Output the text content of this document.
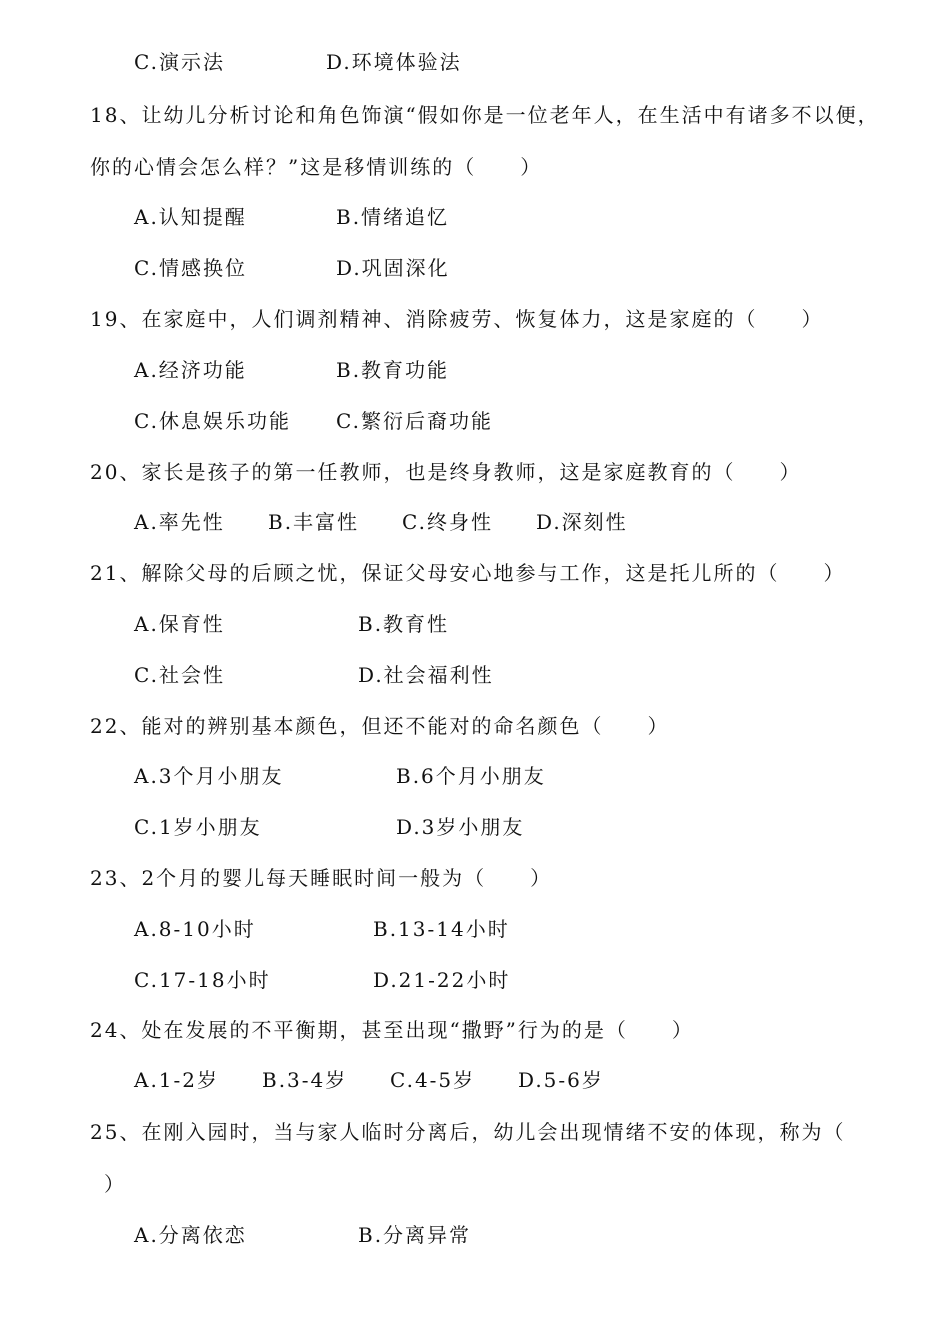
C.演示法	D.环境体验法
18、让幼儿分析讨论和角色饰演“假如你是一位老年人，在生活中有诸多不以便，
你的心情会怎么样？”这是移情训练的（　　）
A.认知提醒	B.情绪追忆
C.情感换位	D.巩固深化
19、在家庭中，人们调剂精神、消除疲劳、恢复体力，这是家庭的（　　）
A.经济功能	B.教育功能
C.休息娱乐功能 C.繁衍后裔功能
20、家长是孩子的第一任教师，也是终身教师，这是家庭教育的（　　）
A.率先性 B.丰富性 C.终身性 D.深刻性
21、解除父母的后顾之忧，保证父母安心地参与工作，这是托儿所的（　　）
A.保育性	B.教育性
C.社会性	D.社会福利性
22、能对的辨别基本颜色，但还不能对的命名颜色（　　）
A.3个月小朋友	B.6个月小朋友
C.1岁小朋友	D.3岁小朋友
23、2个月的婴儿每天睡眠时间一般为（　　）
A.8-10小时	B.13-14小时
C.17-18小时	D.21-22小时
24、处在发展的不平衡期，甚至出现“撒野”行为的是（　　）
A.1-2岁 B.3-4岁 C.4-5岁 D.5-6岁
25、在刚入园时，当与家人临时分离后，幼儿会出现情绪不安的体现，称为（
）
A.分离依恋	B.分离异常
